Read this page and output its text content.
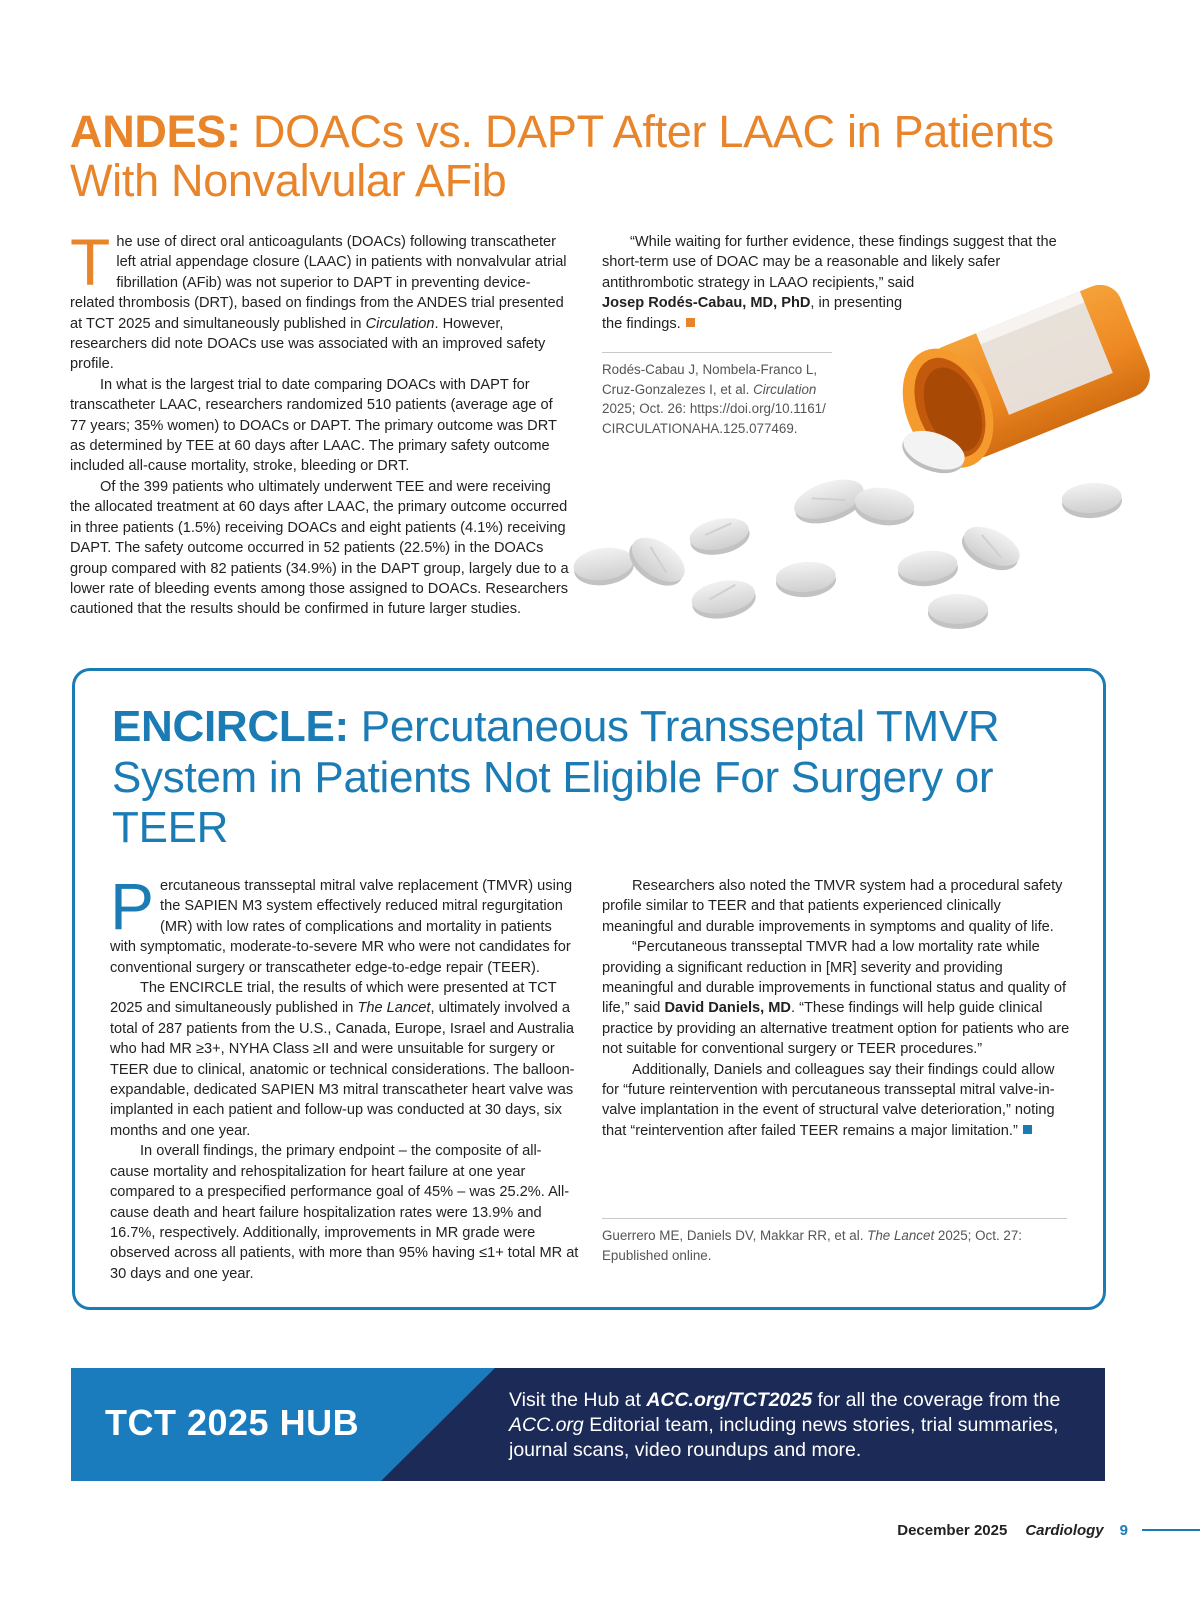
ANDES: DOACs vs. DAPT After LAAC in Patients With Nonvalvular AFib

The use of direct oral anticoagulants (DOACs) following transcatheter left atrial appendage closure (LAAC) in patients with nonvalvular atrial fibrillation (AFib) was not superior to DAPT in preventing device-related thrombosis (DRT), based on findings from the ANDES trial presented at TCT 2025 and simultaneously published in Circulation. However, researchers did note DOACs use was associated with an improved safety profile.

In what is the largest trial to date comparing DOACs with DAPT for transcatheter LAAC, researchers randomized 510 patients (average age of 77 years; 35% women) to DOACs or DAPT. The primary outcome was DRT as determined by TEE at 60 days after LAAC. The primary safety outcome included all-cause mortality, stroke, bleeding or DRT.

Of the 399 patients who ultimately underwent TEE and were receiving the allocated treatment at 60 days after LAAC, the primary outcome occurred in three patients (1.5%) receiving DOACs and eight patients (4.1%) receiving DAPT. The safety outcome occurred in 52 patients (22.5%) in the DOACs group compared with 82 patients (34.9%) in the DAPT group, largely due to a lower rate of bleeding events among those assigned to DOACs. Researchers cautioned that the results should be confirmed in future larger studies.

“While waiting for further evidence, these findings suggest that the
short-term use of DOAC may be a reasonable and likely safer
antithrombotic strategy in LAAO recipients,” said
Josep Rodés-Cabau, MD, PhD, in presenting
the findings.
Rodés-Cabau J, Nombela-Franco L, Cruz-Gonzalezes I, et al. Circulation 2025; Oct. 26: https://doi.org/10.1161/ CIRCULATIONAHA.125.077469.
ENCIRCLE: Percutaneous Transseptal TMVR System in Patients Not Eligible For Surgery or TEER

Percutaneous transseptal mitral valve replacement (TMVR) using the SAPIEN M3 system effectively reduced mitral regurgitation (MR) with low rates of complications and mortality in patients with symptomatic, moderate-to-severe MR who were not candidates for conventional surgery or transcatheter edge-to-edge repair (TEER).

The ENCIRCLE trial, the results of which were presented at TCT 2025 and simultaneously published in The Lancet, ultimately involved a total of 287 patients from the U.S., Canada, Europe, Israel and Australia who had MR ≥3+, NYHA Class ≥II and were unsuitable for surgery or TEER due to clinical, anatomic or technical considerations. The balloon-expandable, dedicated SAPIEN M3 mitral transcatheter heart valve was implanted in each patient and follow-up was conducted at 30 days, six months and one year.

In overall findings, the primary endpoint – the composite of all-cause mortality and rehospitalization for heart failure at one year compared to a prespecified performance goal of 45% – was 25.2%. All-cause death and heart failure hospitalization rates were 13.9% and 16.7%, respectively. Additionally, improvements in MR grade were observed across all patients, with more than 95% having ≤1+ total MR at 30 days and one year.

Researchers also noted the TMVR system had a procedural safety profile similar to TEER and that patients experienced clinically meaningful and durable improvements in symptoms and quality of life.

“Percutaneous transseptal TMVR had a low mortality rate while providing a significant reduction in [MR] severity and providing meaningful and durable improvements in functional status and quality of life,” said David Daniels, MD. “These findings will help guide clinical practice by providing an alternative treatment option for patients who are not suitable for conventional surgery or TEER procedures.”

Additionally, Daniels and colleagues say their findings could allow for “future reintervention with percutaneous transseptal mitral valve-in-valve implantation in the event of structural valve deterioration,” noting that “reintervention after failed TEER remains a major limitation.”

Guerrero ME, Daniels DV, Makkar RR, et al. The Lancet 2025; Oct. 27: Epublished online.
TCT 2025 HUB
Visit the Hub at ACC.org/TCT2025 for all the coverage from the ACC.org Editorial team, including news stories, trial summaries, journal scans, video roundups and more.
December 2025 Cardiology 9
